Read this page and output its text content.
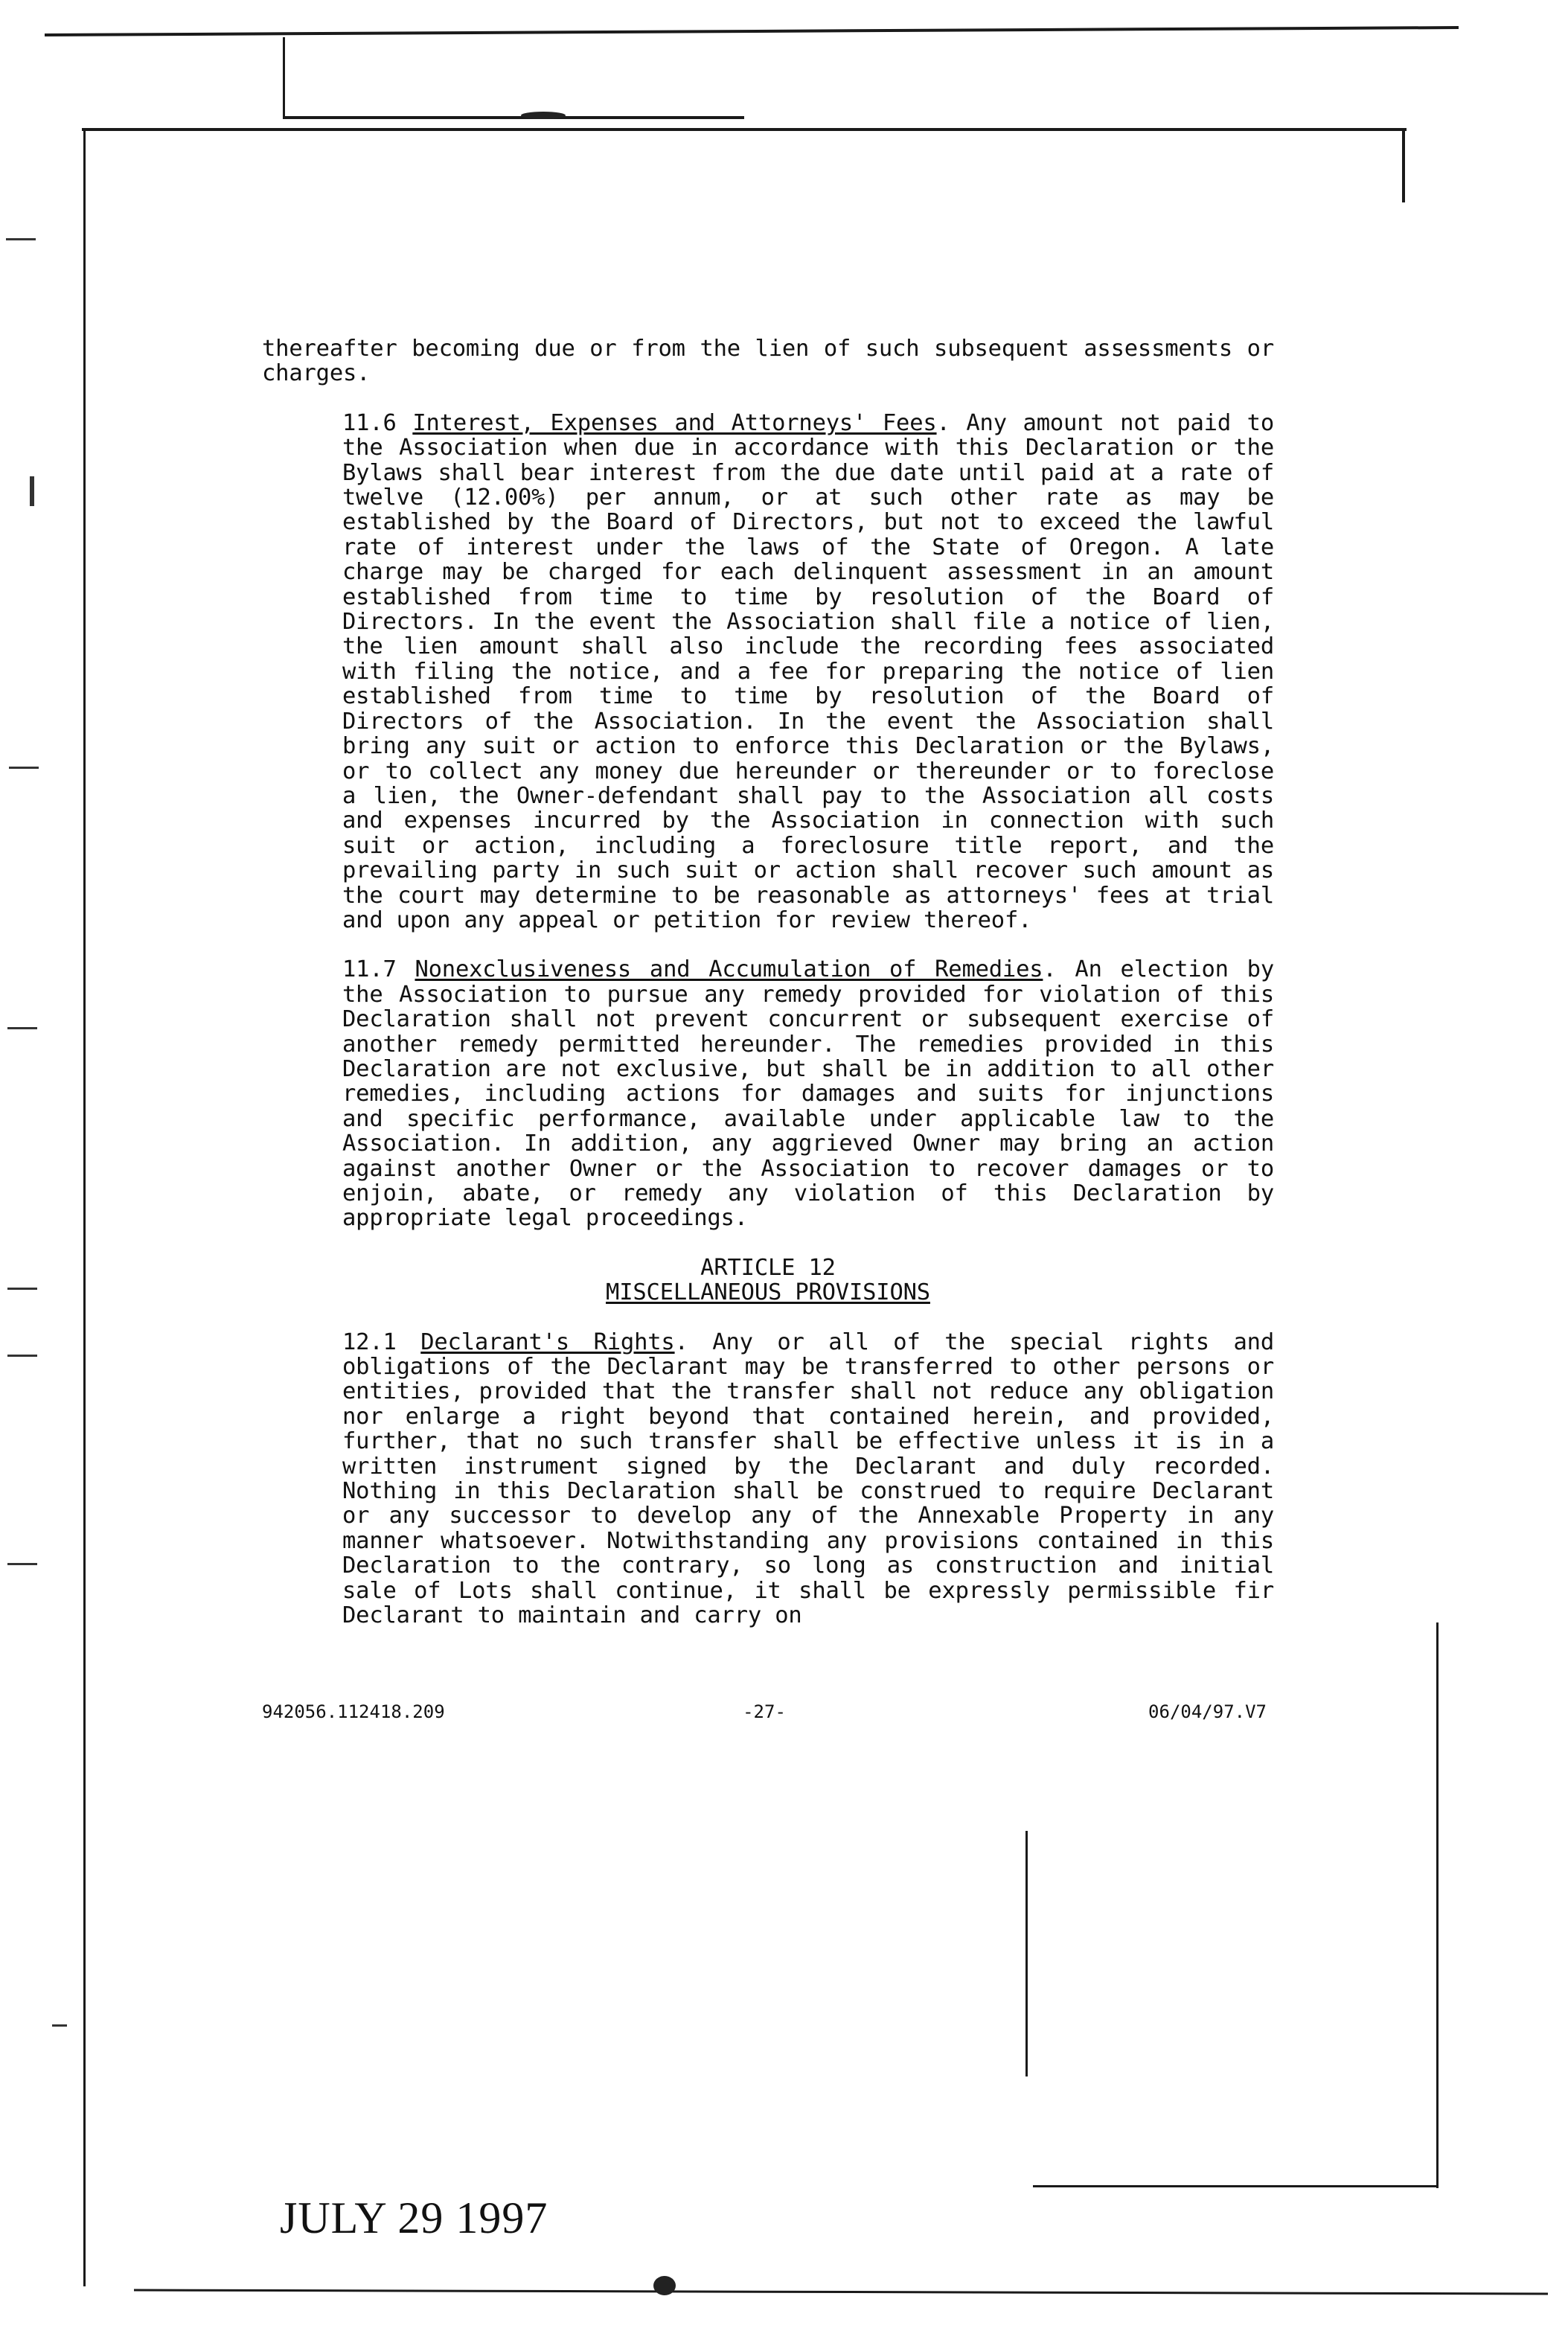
thereafter becoming due or from the lien of such subsequent assessments or charges.

11.6 Interest, Expenses and Attorneys' Fees. Any amount not paid to the Association when due in accordance with this Declaration or the Bylaws shall bear interest from the due date until paid at a rate of twelve (12.00%) per annum, or at such other rate as may be established by the Board of Directors, but not to exceed the lawful rate of interest under the laws of the State of Oregon. A late charge may be charged for each delinquent assessment in an amount established from time to time by resolution of the Board of Directors. In the event the Association shall file a notice of lien, the lien amount shall also include the recording fees associated with filing the notice, and a fee for preparing the notice of lien established from time to time by resolution of the Board of Directors of the Association. In the event the Association shall bring any suit or action to enforce this Declaration or the Bylaws, or to collect any money due hereunder or thereunder or to foreclose a lien, the Owner-defendant shall pay to the Association all costs and expenses incurred by the Association in connection with such suit or action, including a foreclosure title report, and the prevailing party in such suit or action shall recover such amount as the court may determine to be reasonable as attorneys' fees at trial and upon any appeal or petition for review thereof.

11.7 Nonexclusiveness and Accumulation of Remedies. An election by the Association to pursue any remedy provided for violation of this Declaration shall not prevent concurrent or subsequent exercise of another remedy permitted hereunder. The remedies provided in this Declaration are not exclusive, but shall be in addition to all other remedies, including actions for damages and suits for injunctions and specific performance, available under applicable law to the Association. In addition, any aggrieved Owner may bring an action against another Owner or the Association to recover damages or to enjoin, abate, or remedy any violation of this Declaration by appropriate legal proceedings.

ARTICLE 12
MISCELLANEOUS PROVISIONS

12.1 Declarant's Rights. Any or all of the special rights and obligations of the Declarant may be transferred to other persons or entities, provided that the transfer shall not reduce any obligation nor enlarge a right beyond that contained herein, and provided, further, that no such transfer shall be effective unless it is in a written instrument signed by the Declarant and duly recorded. Nothing in this Declaration shall be construed to require Declarant or any successor to develop any of the Annexable Property in any manner whatsoever. Notwithstanding any provisions contained in this Declaration to the contrary, so long as construction and initial sale of Lots shall continue, it shall be expressly permissible fir Declarant to maintain and carry on

942056.112418.209	-27-	06/04/97.V7
JULY 29 1997
